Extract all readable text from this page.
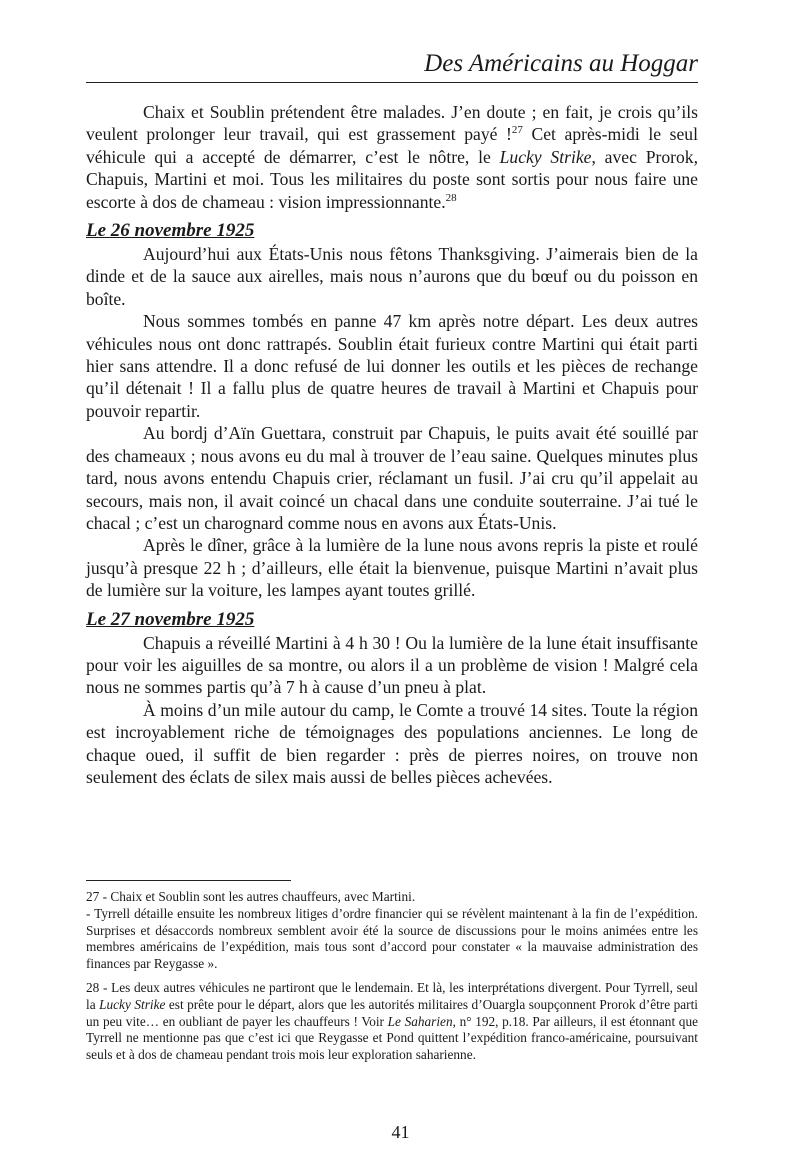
Des Américains au Hoggar

Chaix et Soublin prétendent être malades. J’en doute ; en fait, je crois qu’ils veulent prolonger leur travail, qui est grassement payé !$^{27}$ Cet après-midi le seul véhicule qui a accepté de démarrer, c’est le nôtre, le Lucky Strike, avec Prorok, Chapuis, Martini et moi. Tous les militaires du poste sont sortis pour nous faire une escorte à dos de chameau : vision impressionnante.$^{28}$

Le 26 novembre 1925

Aujourd’hui aux États-Unis nous fêtons Thanksgiving. J’aimerais bien de la dinde et de la sauce aux airelles, mais nous n’aurons que du bœuf ou du poisson en boîte.

Nous sommes tombés en panne 47 km après notre départ. Les deux autres véhicules nous ont donc rattrapés. Soublin était furieux contre Martini qui était parti hier sans attendre. Il a donc refusé de lui donner les outils et les pièces de rechange qu’il détenait ! Il a fallu plus de quatre heures de travail à Martini et Chapuis pour pouvoir repartir.

Au bordj d’Aïn Guettara, construit par Chapuis, le puits avait été souillé par des chameaux ; nous avons eu du mal à trouver de l’eau saine. Quelques minutes plus tard, nous avons entendu Chapuis crier, réclamant un fusil. J’ai cru qu’il appelait au secours, mais non, il avait coincé un chacal dans une conduite souterraine. J’ai tué le chacal ; c’est un charognard comme nous en avons aux États-Unis.

Après le dîner, grâce à la lumière de la lune nous avons repris la piste et roulé jusqu’à presque 22 h ; d’ailleurs, elle était la bienvenue, puisque Martini n’avait plus de lumière sur la voiture, les lampes ayant toutes grillé.

Le 27 novembre 1925

Chapuis a réveillé Martini à 4 h 30 ! Ou la lumière de la lune était insuffisante pour voir les aiguilles de sa montre, ou alors il a un problème de vision ! Malgré cela nous ne sommes partis qu’à 7 h à cause d’un pneu à plat.

À moins d’un mile autour du camp, le Comte a trouvé 14 sites. Toute la région est incroyablement riche de témoignages des populations anciennes. Le long de chaque oued, il suffit de bien regarder : près de pierres noires, on trouve non seulement des éclats de silex mais aussi de belles pièces achevées.

27 - Chaix et Soublin sont les autres chauffeurs, avec Martini.

- Tyrrell détaille ensuite les nombreux litiges d’ordre financier qui se révèlent maintenant à la fin de l’expédition. Surprises et désaccords nombreux semblent avoir été la source de discussions pour le moins animées entre les membres américains de l’expédition, mais tous sont d’accord pour constater « la mauvaise administration des finances par Reygasse ».

28 - Les deux autres véhicules ne partiront que le lendemain. Et là, les interprétations divergent. Pour Tyrrell, seul la Lucky Strike est prête pour le départ, alors que les autorités militaires d’Ouargla soupçonnent Prorok d’être parti un peu vite… en oubliant de payer les chauffeurs ! Voir Le Saharien, n° 192, p.18. Par ailleurs, il est étonnant que Tyrrell ne mentionne pas que c’est ici que Reygasse et Pond quittent l’expédition franco-américaine, poursuivant seuls et à dos de chameau pendant trois mois leur exploration saharienne.

41
